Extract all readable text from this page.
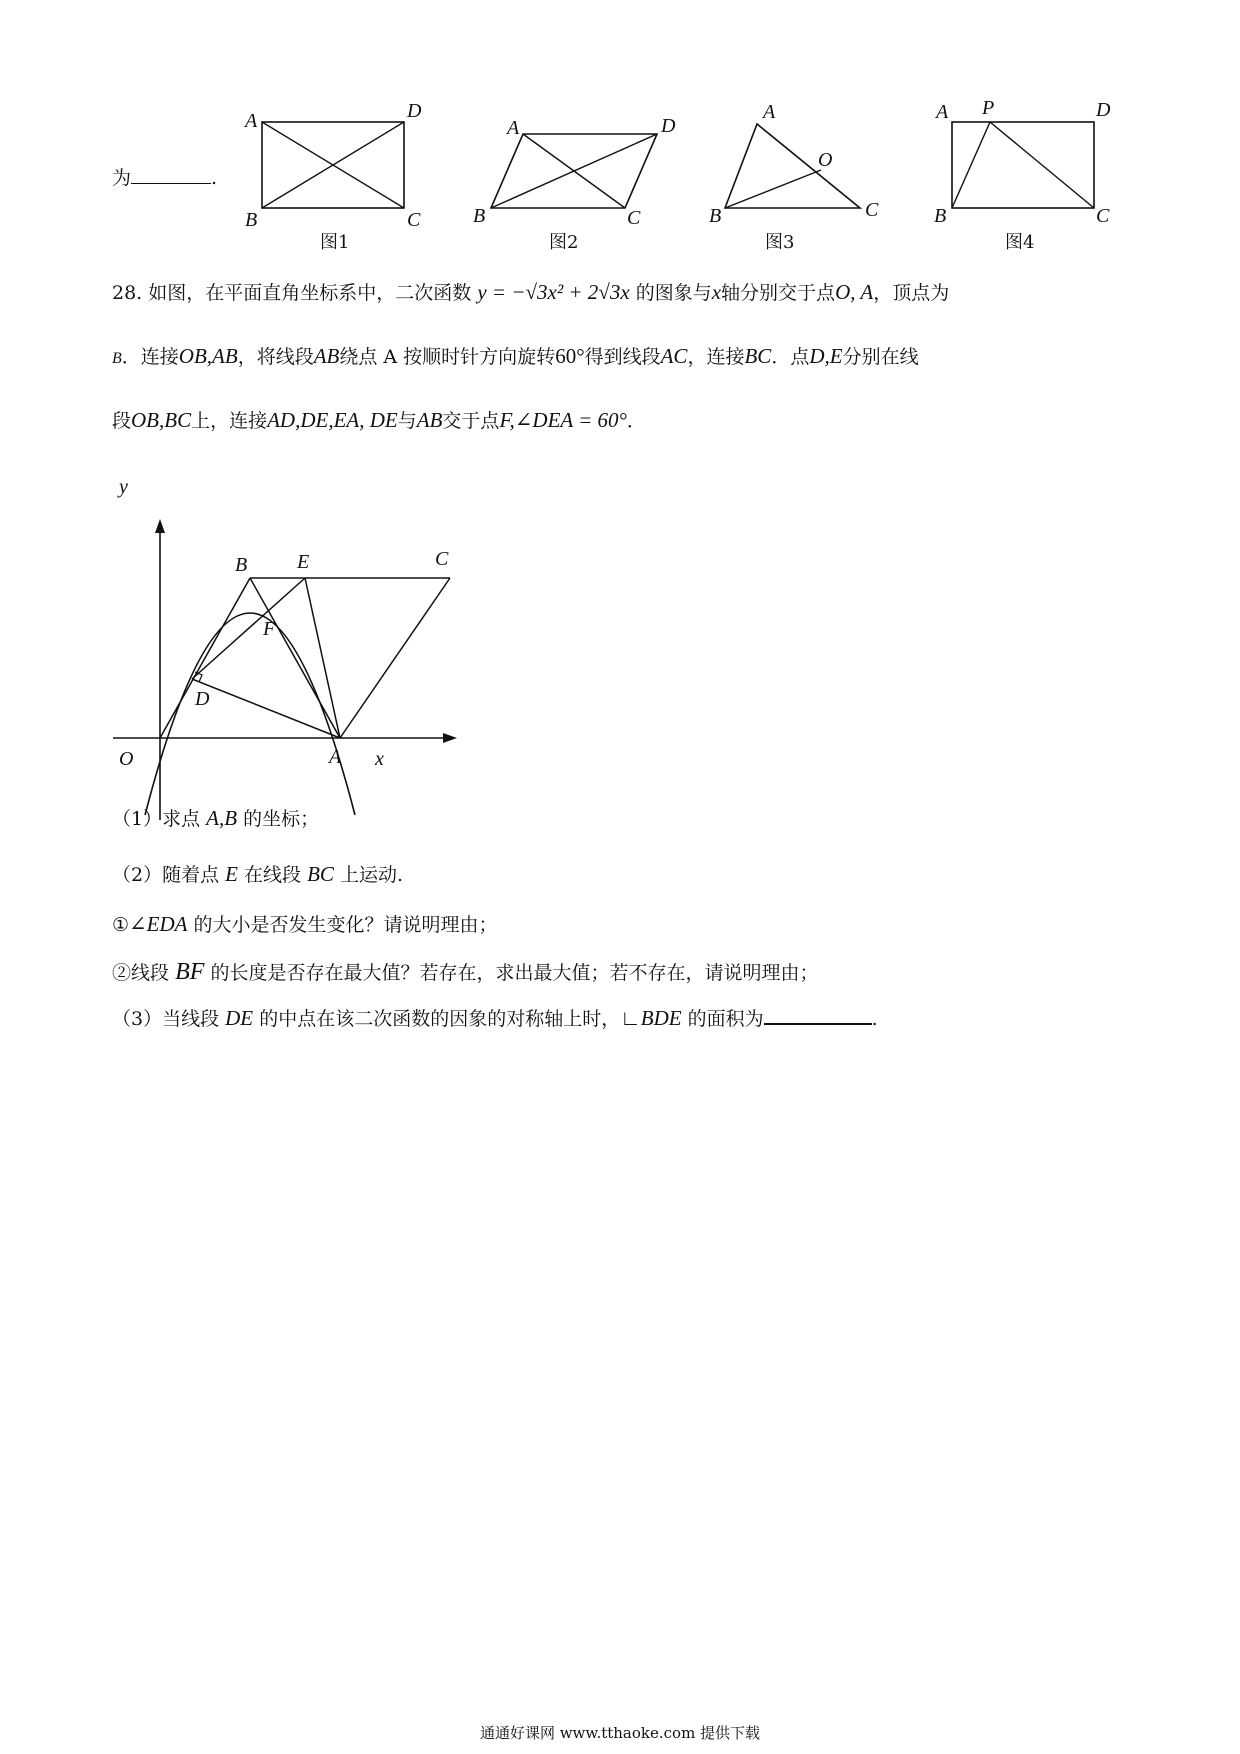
为	.
A	D
B	C
图1
A	D
B	C
图2
A
O
B	C
图3
A P	D
B	C
图4
28. 如图，在平面直角坐标系中，二次函数 y = −√3x² + 2√3x 的图象与x轴分别交于点O, A，顶点为
B．连接OB,AB，将线段AB绕点 A 按顺时针方向旋转60°得到线段AC，连接BC．点D,E分别在线
段OB,BC上，连接AD,DE,EA, DE与AB交于点F,∠DEA = 60°．
y
x
O	A
B E	C
F
D
（1）求点 A,B 的坐标；
（2）随着点 E 在线段 BC 上运动.
①∠EDA 的大小是否发生变化？请说明理由；
②线段 BF 的长度是否存在最大值？若存在，求出最大值；若不存在，请说明理由；
（3）当线段 DE 的中点在该二次函数的因象的对称轴上时，∟BDE 的面积为	.
通通好课网 www.tthaoke.com 提供下载
